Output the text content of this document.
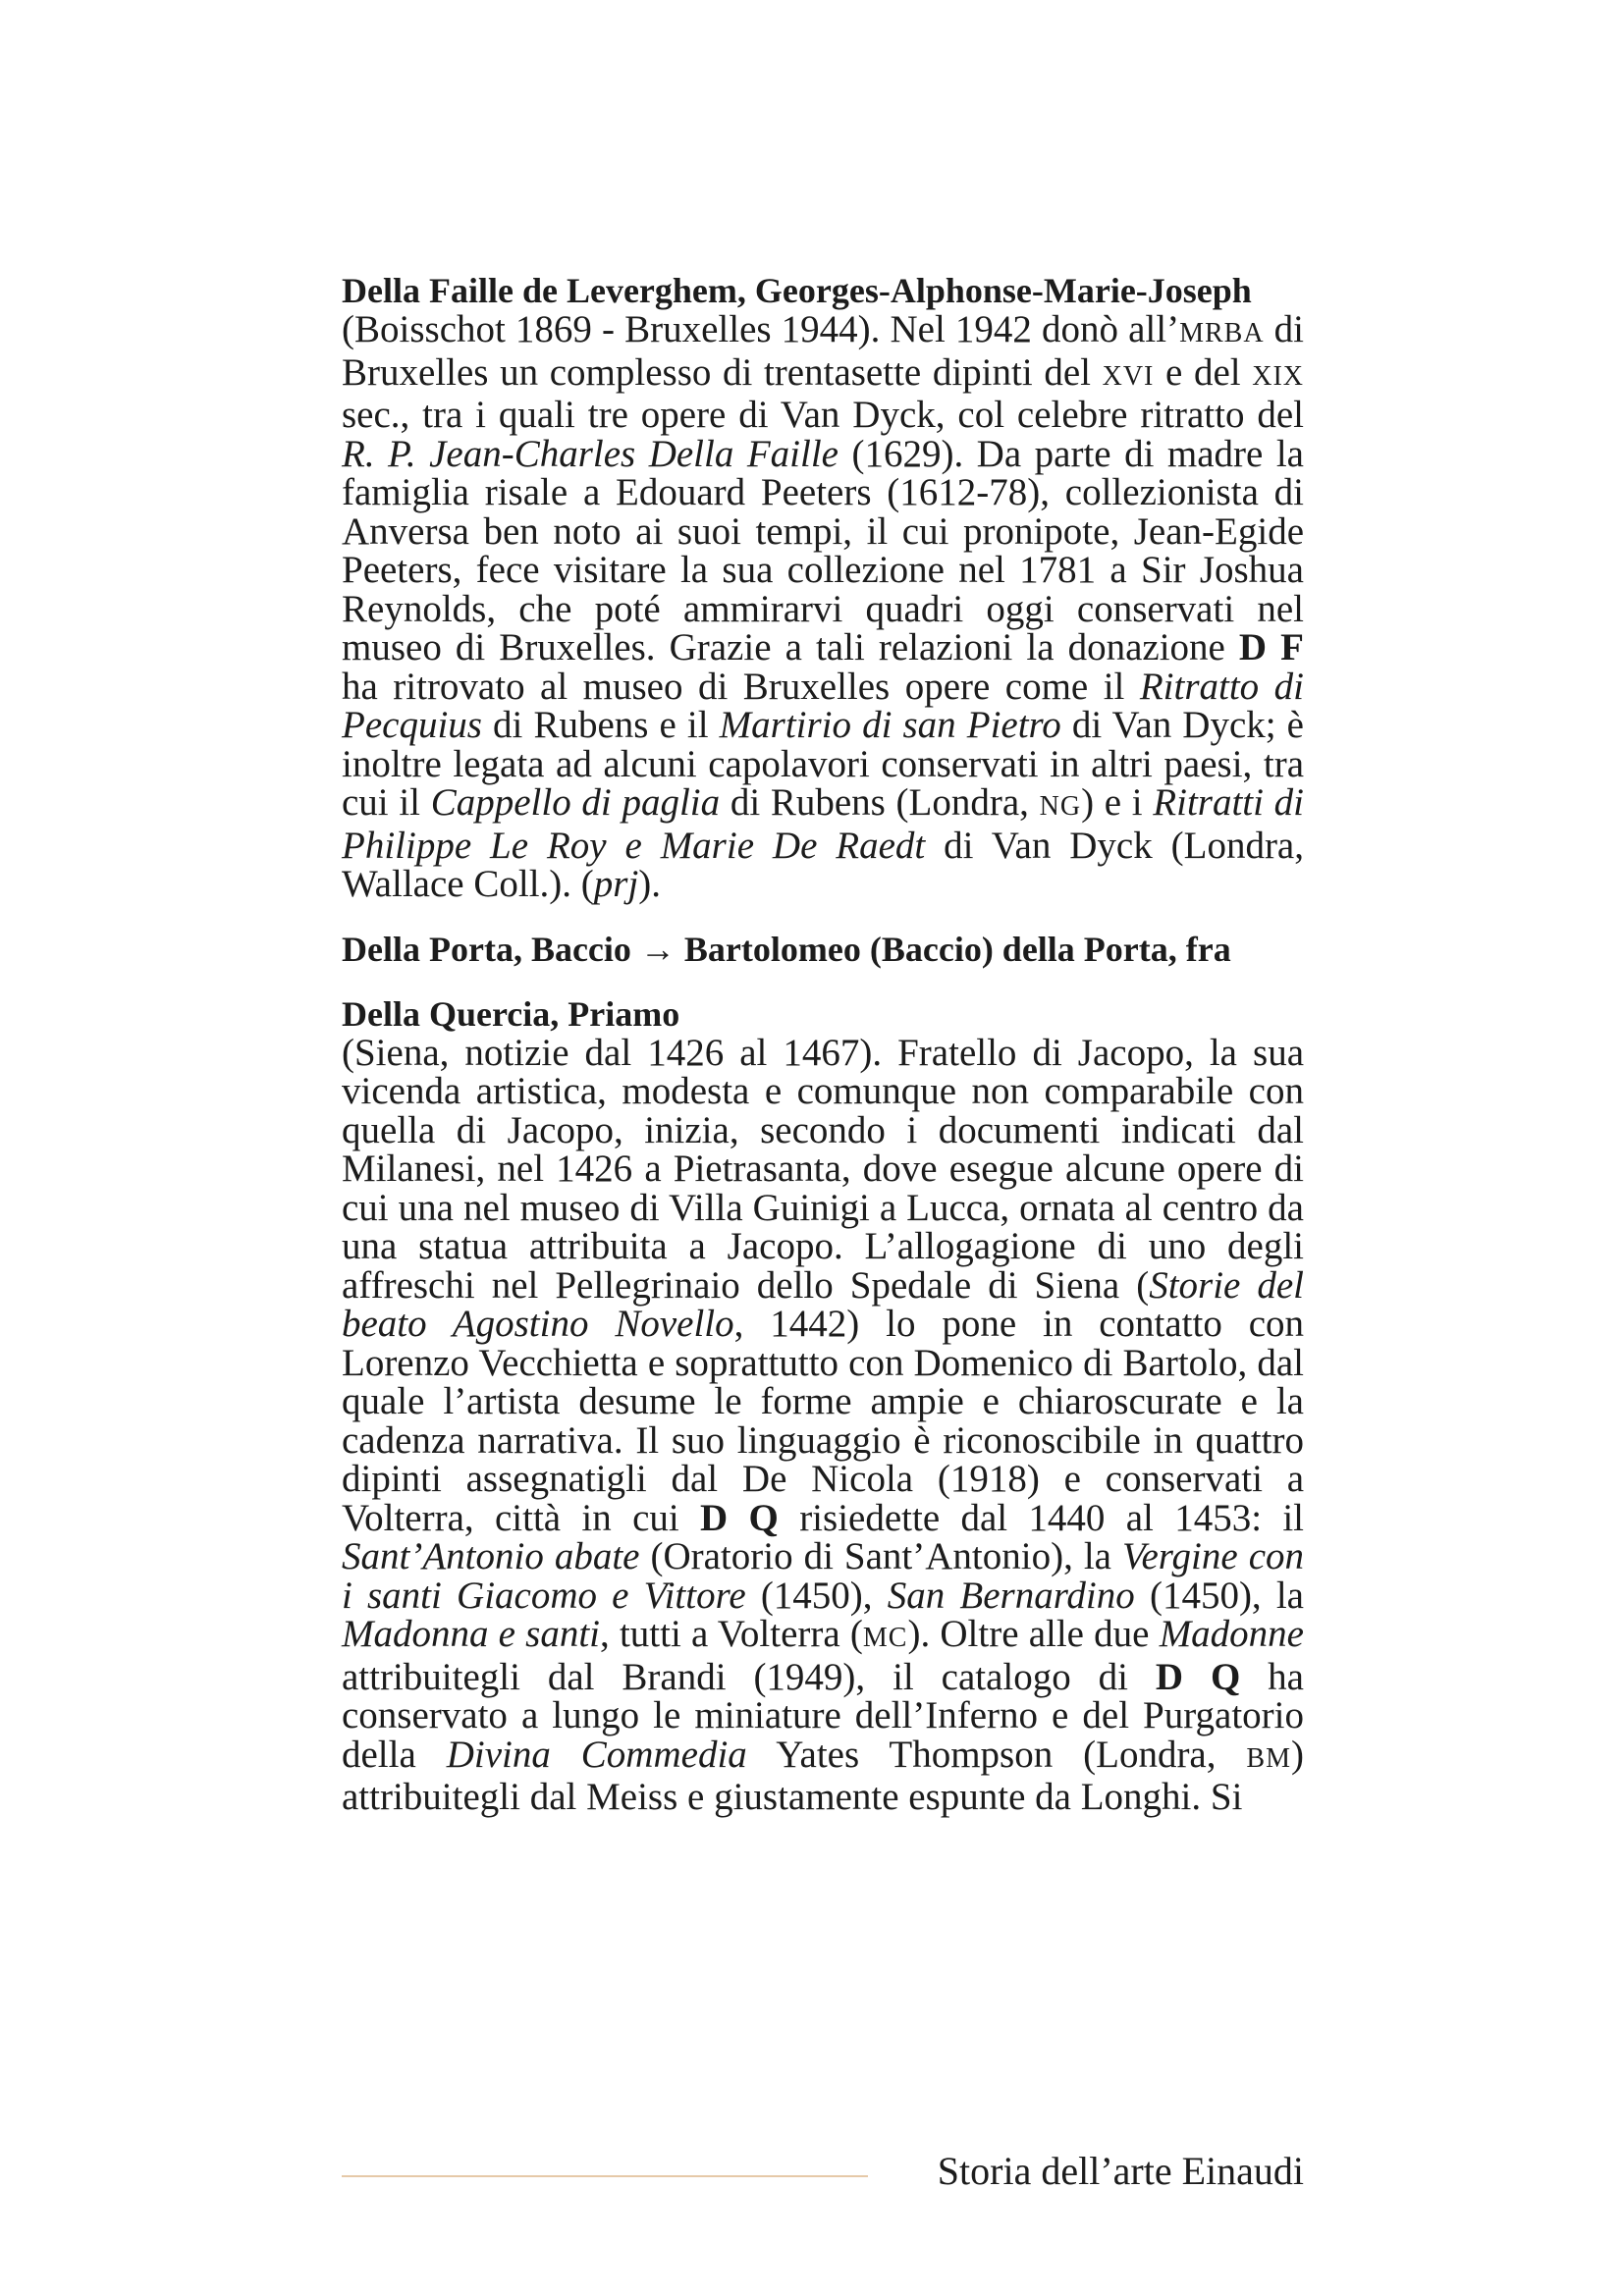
Della Faille de Leverghem, Georges-Alphonse-Marie-Joseph

(Boisschot 1869 - Bruxelles 1944). Nel 1942 donò all’MRBA di Bruxelles un complesso di trentasette dipinti del XVI e del XIX sec., tra i quali tre opere di Van Dyck, col celebre ritratto del R. P. Jean-Charles Della Faille (1629). Da parte di madre la famiglia risale a Edouard Peeters (1612-78), collezionista di Anversa ben noto ai suoi tempi, il cui pronipote, Jean-Egide Peeters, fece visitare la sua collezione nel 1781 a Sir Joshua Reynolds, che poté ammirarvi quadri oggi conservati nel museo di Bruxelles. Grazie a tali relazioni la donazione D F ha ritrovato al museo di Bruxelles opere come il Ritratto di Pecquius di Rubens e il Martirio di san Pietro di Van Dyck; è inoltre legata ad alcuni capolavori conservati in altri paesi, tra cui il Cappello di paglia di Rubens (Londra, NG) e i Ritratti di Philippe Le Roy e Marie De Raedt di Van Dyck (Londra, Wallace Coll.). (prj).

Della Porta, Baccio → Bartolomeo (Baccio) della Porta, fra

Della Quercia, Priamo

(Siena, notizie dal 1426 al 1467). Fratello di Jacopo, la sua vicenda artistica, modesta e comunque non comparabile con quella di Jacopo, inizia, secondo i documenti indicati dal Milanesi, nel 1426 a Pietrasanta, dove esegue alcune opere di cui una nel museo di Villa Guinigi a Lucca, ornata al centro da una statua attribuita a Jacopo. L’allogagione di uno degli affreschi nel Pellegrinaio dello Spedale di Siena (Storie del beato Agostino Novello, 1442) lo pone in contatto con Lorenzo Vecchietta e soprattutto con Domenico di Bartolo, dal quale l’artista desume le forme ampie e chiaroscurate e la cadenza narrativa. Il suo linguaggio è riconoscibile in quattro dipinti assegnatigli dal De Nicola (1918) e conservati a Volterra, città in cui D Q risiedette dal 1440 al 1453: il Sant’Antonio abate (Oratorio di Sant’Antonio), la Vergine con i santi Giacomo e Vittore (1450), San Bernardino (1450), la Madonna e santi, tutti a Volterra (MC). Oltre alle due Madonne attribuitegli dal Brandi (1949), il catalogo di D Q ha conservato a lungo le miniature dell’Inferno e del Purgatorio della Divina Commedia Yates Thompson (Londra, BM) attribuitegli dal Meiss e giustamente espunte da Longhi. Si

Storia dell’arte Einaudi
